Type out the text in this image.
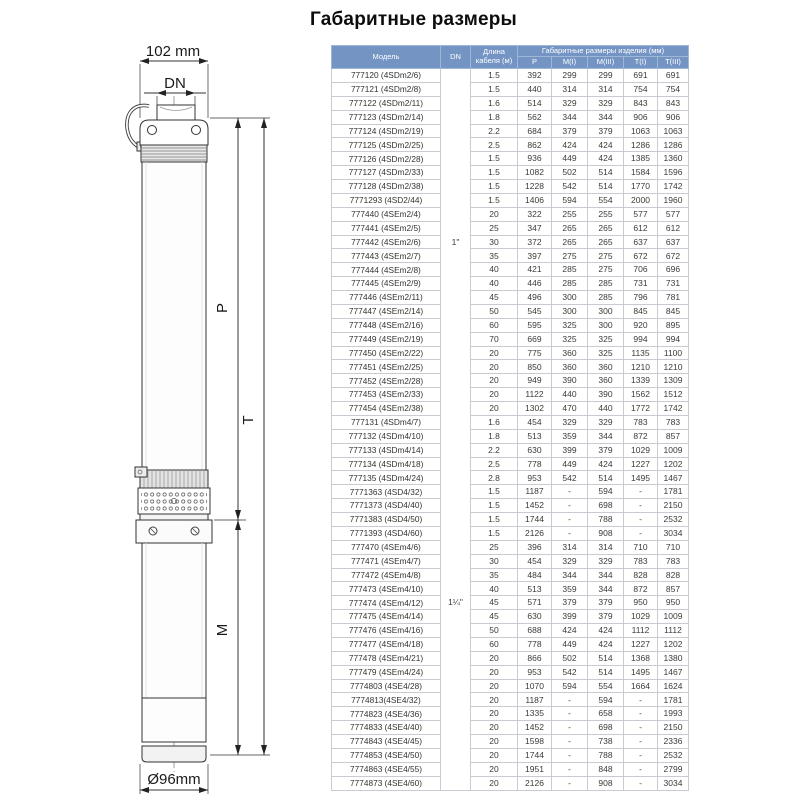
102 mm
DN
P
T
M
Ø96mm
Габаритные размеры
Модель	DN	Длина кабеля (м)	Габаритные размеры изделия (мм)				
			P	M(I)	M(III)	T(I)	T(III)
777120 (4SDm2/6)	1"	1.5	392	299	299	691	691
777121 (4SDm2/8)		1.5	440	314	314	754	754
777122 (4SDm2/11)		1.6	514	329	329	843	843
777123 (4SDm2/14)		1.8	562	344	344	906	906
777124 (4SDm2/19)		2.2	684	379	379	1063	1063
777125 (4SDm2/25)		2.5	862	424	424	1286	1286
777126 (4SDm2/28)		1.5	936	449	424	1385	1360
777127 (4SDm2/33)		1.5	1082	502	514	1584	1596
777128 (4SDm2/38)		1.5	1228	542	514	1770	1742
7771293 (4SD2/44)		1.5	1406	594	554	2000	1960
777440 (4SEm2/4)		20	322	255	255	577	577
777441 (4SEm2/5)		25	347	265	265	612	612
777442 (4SEm2/6)		30	372	265	265	637	637
777443 (4SEm2/7)		35	397	275	275	672	672
777444 (4SEm2/8)		40	421	285	275	706	696
777445 (4SEm2/9)		40	446	285	285	731	731
777446 (4SEm2/11)		45	496	300	285	796	781
777447 (4SEm2/14)		50	545	300	300	845	845
777448 (4SEm2/16)		60	595	325	300	920	895
777449 (4SEm2/19)		70	669	325	325	994	994
777450 (4SEm2/22)		20	775	360	325	1135	1100
777451 (4SEm2/25)		20	850	360	360	1210	1210
777452 (4SEm2/28)		20	949	390	360	1339	1309
777453 (4SEm2/33)		20	1122	440	390	1562	1512
777454 (4SEm2/38)		20	1302	470	440	1772	1742
777131 (4SDm4/7)	1¼"	1.6	454	329	329	783	783
777132 (4SDm4/10)		1.8	513	359	344	872	857
777133 (4SDm4/14)		2.2	630	399	379	1029	1009
777134 (4SDm4/18)		2.5	778	449	424	1227	1202
777135 (4SDm4/24)		2.8	953	542	514	1495	1467
7771363 (4SD4/32)		1.5	1187	-	594	-	1781
7771373 (4SD4/40)		1.5	1452	-	698	-	2150
7771383 (4SD4/50)		1.5	1744	-	788	-	2532
7771393 (4SD4/60)		1.5	2126	-	908	-	3034
777470 (4SEm4/6)		25	396	314	314	710	710
777471 (4SEm4/7)		30	454	329	329	783	783
777472 (4SEm4/8)		35	484	344	344	828	828
777473 (4SEm4/10)		40	513	359	344	872	857
777474 (4SEm4/12)		45	571	379	379	950	950
777475 (4SEm4/14)		45	630	399	379	1029	1009
777476 (4SEm4/16)		50	688	424	424	1112	1112
777477 (4SEm4/18)		60	778	449	424	1227	1202
777478 (4SEm4/21)		20	866	502	514	1368	1380
777479 (4SEm4/24)		20	953	542	514	1495	1467
7774803 (4SE4/28)		20	1070	594	554	1664	1624
7774813(4SE4/32)		20	1187	-	594	-	1781
7774823 (4SE4/36)		20	1335	-	658	-	1993
7774833 (4SE4/40)		20	1452	-	698	-	2150
7774843 (4SE4/45)		20	1598	-	738	-	2336
7774853 (4SE4/50)		20	1744	-	788	-	2532
7774863 (4SE4/55)		20	1951	-	848	-	2799
7774873 (4SE4/60)		20	2126	-	908	-	3034
